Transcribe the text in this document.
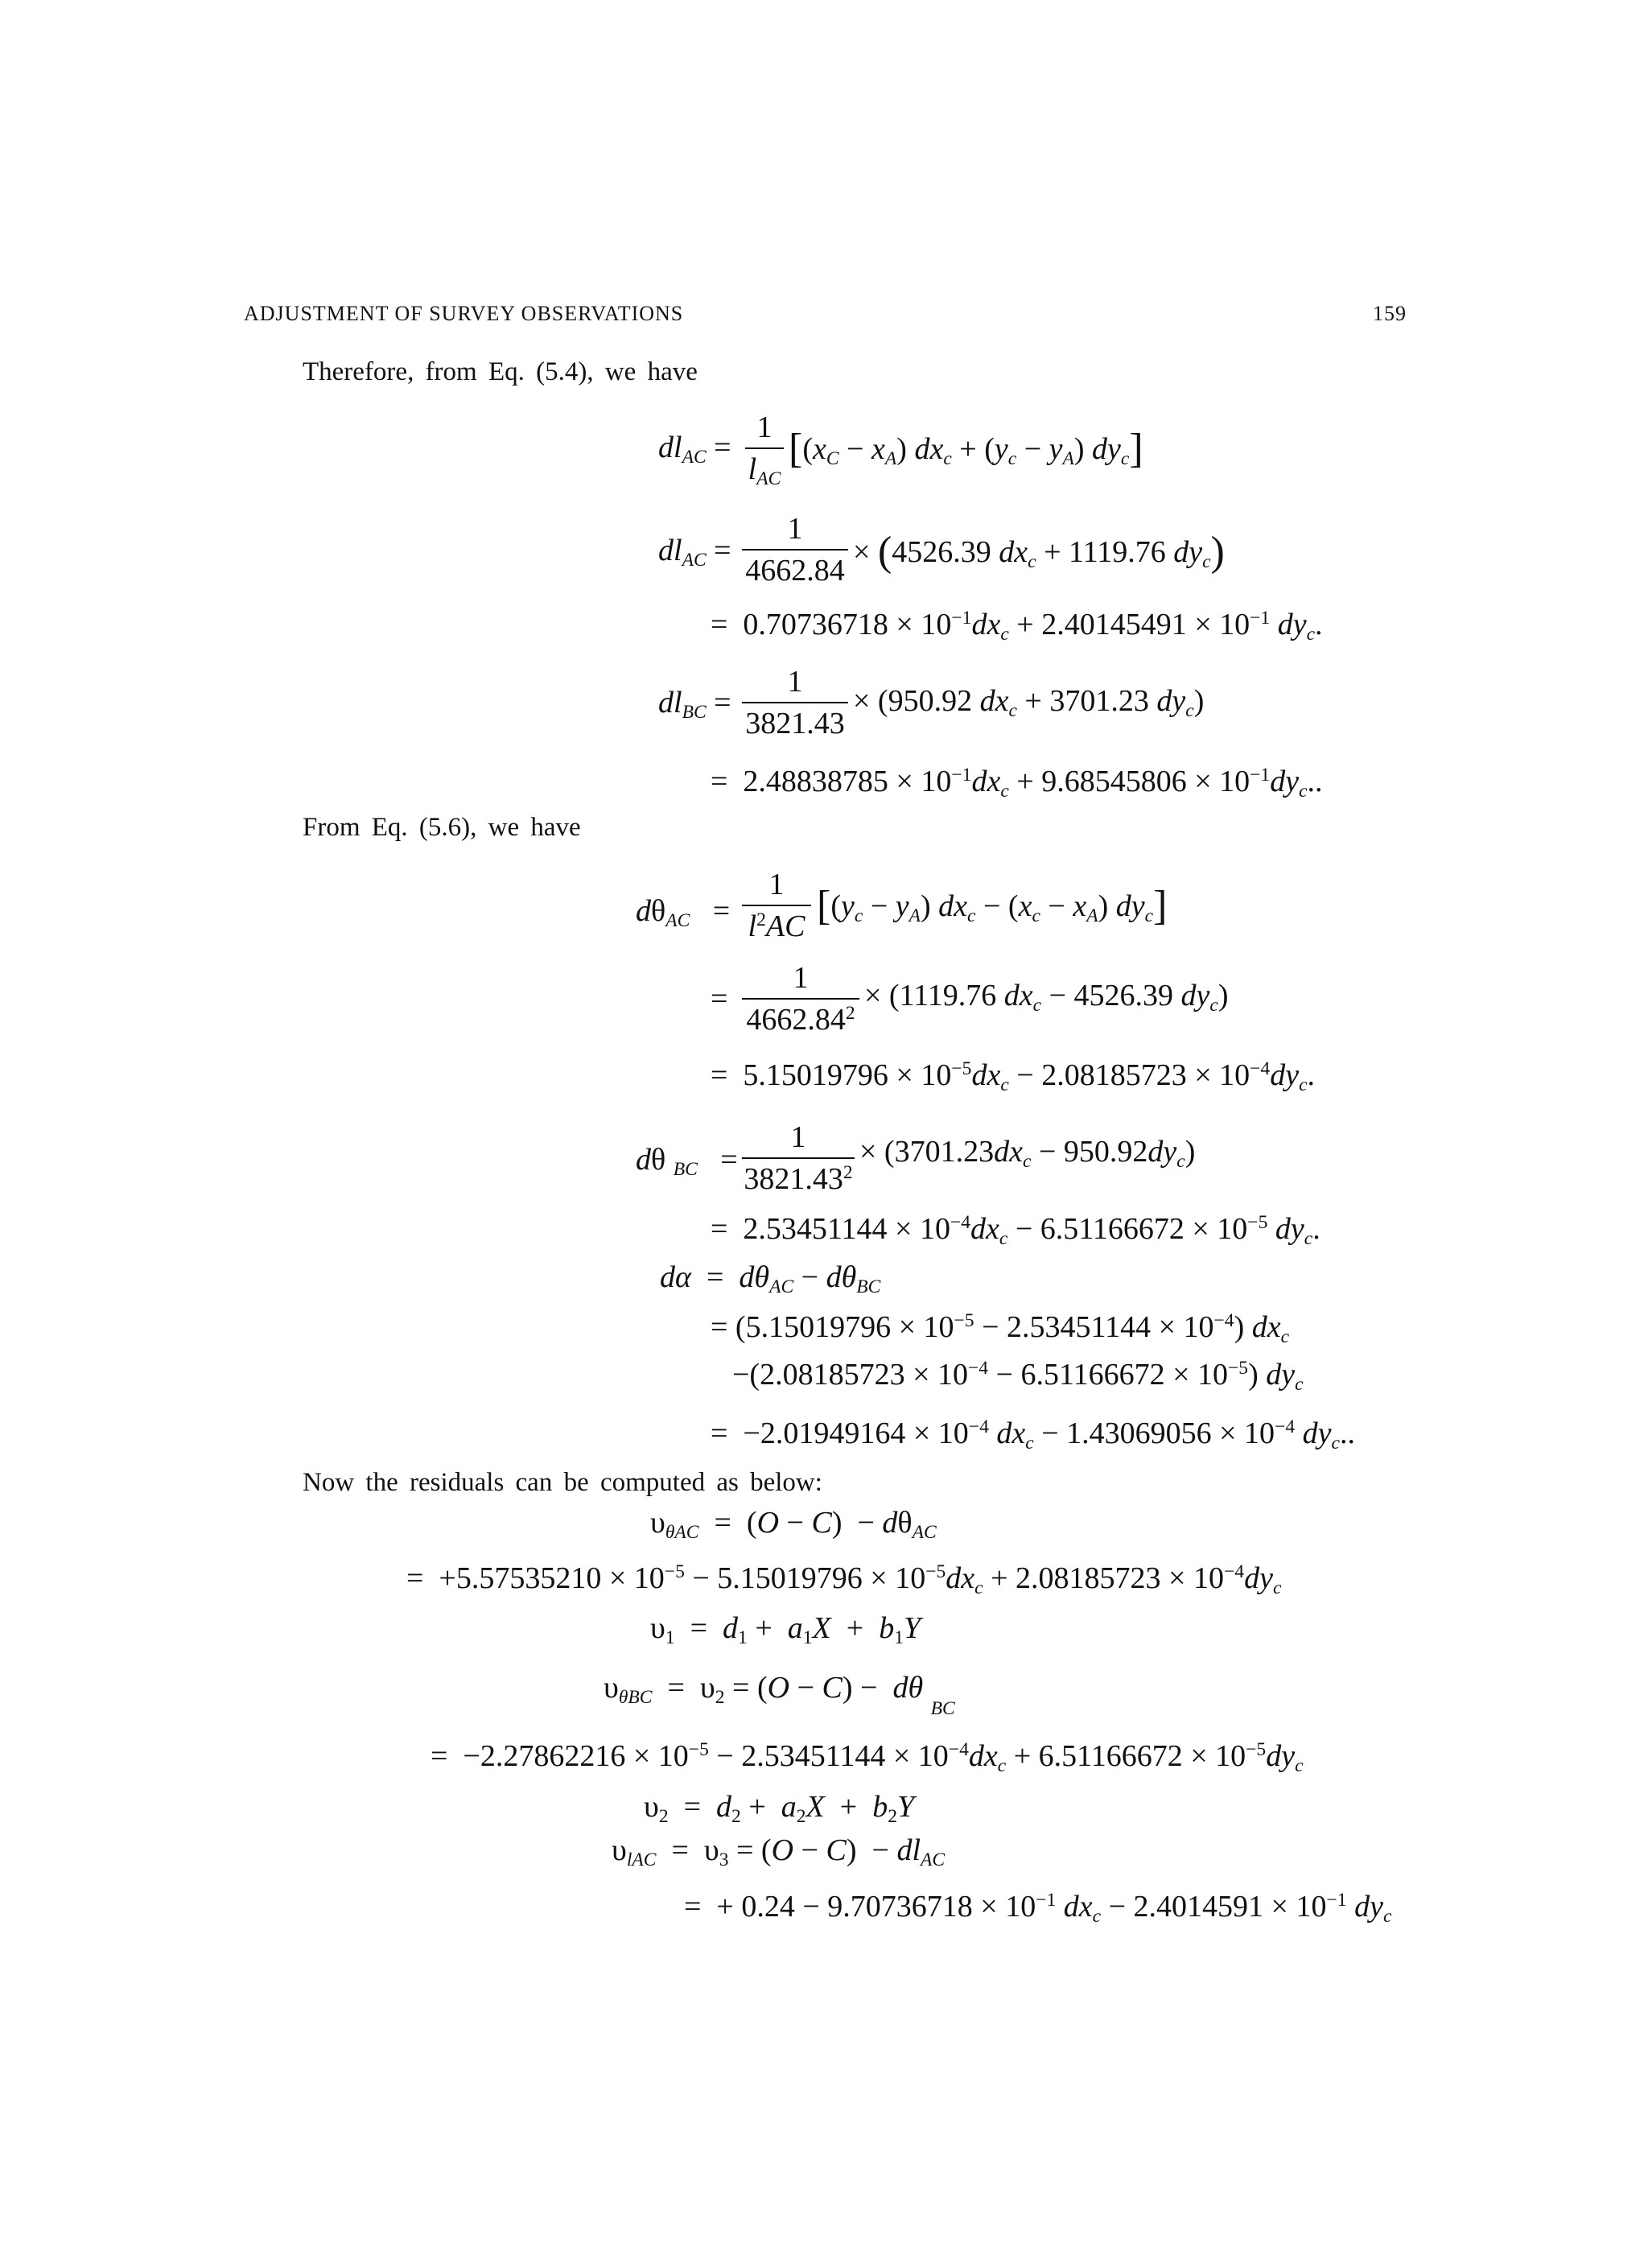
ADJUSTMENT OF SURVEY OBSERVATIONS	159
Therefore, from Eq. (5.4), we have
$dl_{AC}$ =
1
$l_{AC}$
[$(x_C - x_A) dx_c + (y_c - y_A)$ $dy_c$]
$dl_{AC}$ =
1
4662.84
× (4526.39 $dx_c + 1119.76$ $dy_c$)
=  $0.70736718 \times 10^{-1}dx_c + 2.40145491 \times 10^{-1}$ $dy_c$.
$dl_{BC}$ =
1
3821.43
× (950.92 $dx_c + 3701.23$ $dy_c$)
=  $2.48838785 \times 10^{-1}dx_c + 9.68545806 \times 10^{-1}dy_c$..
From Eq. (5.6), we have
$d\theta_{AC}$   =
1
$l^2AC$ [$(y_c - y_A) dx_c - (x_c - x_A)$ $dy_c$]
=
1
$4662.84^2$
× (1119.76 $dx_c - 4526.39$ $dy_c$)
=  $5.15019796 \times 10^{-5}dx_c - 2.08185723 \times 10^{-4}dy_c$.
dθ $_{BC}$   =
1
$3821.43^2$
× $(3701.23dx_c - 950.92dy_c)$
=  $2.53451144 \times 10^{-4}dx_c - 6.51166672 \times 10^{-5}$ $dy_c$.
$d\alpha = d\theta_{AC} - d\theta_{BC}$
= $(5.15019796 \times 10^{-5} - 2.53451144 \times 10^{-4})$ $dx_c$
$-(2.08185723 \times 10^{-4} - 6.51166672 \times 10^{-5})$ $dy_c$
=  $-2.01949164 \times 10^{-4}$ $dx_c - 1.43069056 \times 10^{-4}$ $dy_c$..
Now the residuals can be computed as below:
$\upsilon_{\theta AC} = (O - C) - d\theta_{AC}$
=  $+5.57535210 \times 10^{-5} - 5.15019796 \times 10^{-5}dx_c + 2.08185723 \times 10^{-4}dy_c$
$\upsilon_1 = d_1 + a_1X + b_1Y$
$\upsilon_{\theta BC} = \upsilon_2 = (O - C) - d\theta$ $_{BC}$
=  $-2.27862216 \times 10^{-5} - 2.53451144 \times 10^{-4}dx_c + 6.51166672 \times 10^{-5}dy_c$
$\upsilon_2 = d_2 + a_2X + b_2Y$
$\upsilon_{lAC} = \upsilon_3 = (O - C) - dl_{AC}$
=  + $0.24 - 9.70736718 \times 10^{-1}$ $dx_c - 2.4014591 \times 10^{-1}$ $dy_c$
